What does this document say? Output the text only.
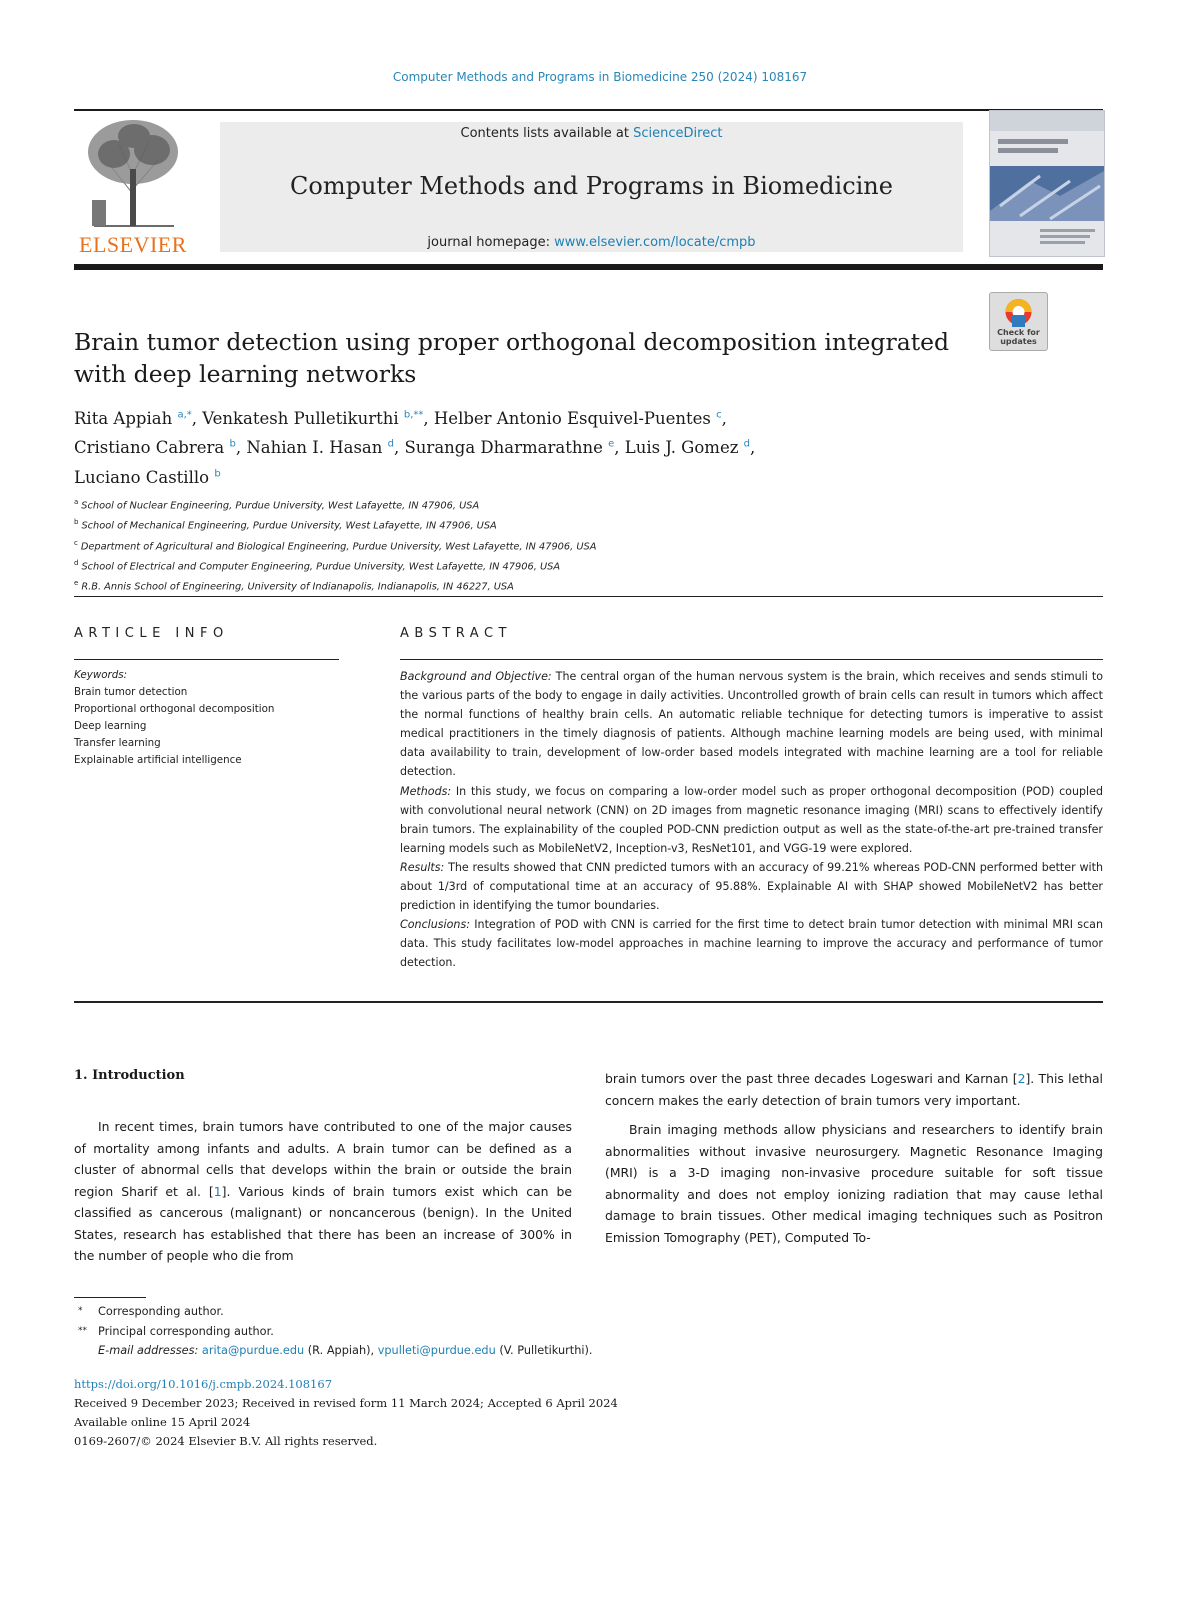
Computer Methods and Programs in Biomedicine 250 (2024) 108167
ELSEVIER
Contents lists available at ScienceDirect
Computer Methods and Programs in Biomedicine
journal homepage: www.elsevier.com/locate/cmpb
Brain tumor detection using proper orthogonal decomposition integrated with deep learning networks
Check for updates
Rita Appiah $^{a,*}$, Venkatesh Pulletikurthi $^{b,**}$, Helber Antonio Esquivel-Puentes $^c$,
Cristiano Cabrera $^b$, Nahian I. Hasan $^d$, Suranga Dharmarathne $^e$, Luis J. Gomez $^d$,
Luciano Castillo $^b$
$^a$ School of Nuclear Engineering, Purdue University, West Lafayette, IN 47906, USA
$^b$ School of Mechanical Engineering, Purdue University, West Lafayette, IN 47906, USA
$^c$ Department of Agricultural and Biological Engineering, Purdue University, West Lafayette, IN 47906, USA
$^d$ School of Electrical and Computer Engineering, Purdue University, West Lafayette, IN 47906, USA
$^e$ R.B. Annis School of Engineering, University of Indianapolis, Indianapolis, IN 46227, USA
ARTICLE INFO	ABSTRACT
Keywords:
Brain tumor detection
Proportional orthogonal decomposition
Deep learning
Transfer learning
Explainable artificial intelligence

Background and Objective: The central organ of the human nervous system is the brain, which receives and sends stimuli to the various parts of the body to engage in daily activities. Uncontrolled growth of brain cells can result in tumors which affect the normal functions of healthy brain cells. An automatic reliable technique for detecting tumors is imperative to assist medical practitioners in the timely diagnosis of patients. Although machine learning models are being used, with minimal data availability to train, development of low-order based models integrated with machine learning are a tool for reliable detection.

Methods: In this study, we focus on comparing a low-order model such as proper orthogonal decomposition (POD) coupled with convolutional neural network (CNN) on 2D images from magnetic resonance imaging (MRI) scans to effectively identify brain tumors. The explainability of the coupled POD-CNN prediction output as well as the state-of-the-art pre-trained transfer learning models such as MobileNetV2, Inception-v3, ResNet101, and VGG-19 were explored.

Results: The results showed that CNN predicted tumors with an accuracy of 99.21% whereas POD-CNN performed better with about 1/3rd of computational time at an accuracy of 95.88%. Explainable AI with SHAP showed MobileNetV2 has better prediction in identifying the tumor boundaries.

Conclusions: Integration of POD with CNN is carried for the first time to detect brain tumor detection with minimal MRI scan data. This study facilitates low-model approaches in machine learning to improve the accuracy and performance of tumor detection.

1. Introduction

In recent times, brain tumors have contributed to one of the major causes of mortality among infants and adults. A brain tumor can be defined as a cluster of abnormal cells that develops within the brain or outside the brain region Sharif et al. [1]. Various kinds of brain tumors exist which can be classified as cancerous (malignant) or noncancerous (benign). In the United States, research has established that there has been an increase of 300% in the number of people who die from

brain tumors over the past three decades Logeswari and Karnan [2]. This lethal concern makes the early detection of brain tumors very important.

Brain imaging methods allow physicians and researchers to identify brain abnormalities without invasive neurosurgery. Magnetic Resonance Imaging (MRI) is a 3-D imaging non-invasive procedure suitable for soft tissue abnormality and does not employ ionizing radiation that may cause lethal damage to brain tissues. Other medical imaging techniques such as Positron Emission Tomography (PET), Computed To-

* Corresponding author.
** Principal corresponding author.
E-mail addresses: arita@purdue.edu (R. Appiah), vpulleti@purdue.edu (V. Pulletikurthi).
https://doi.org/10.1016/j.cmpb.2024.108167
Received 9 December 2023; Received in revised form 11 March 2024; Accepted 6 April 2024
Available online 15 April 2024
0169-2607/© 2024 Elsevier B.V. All rights reserved.
